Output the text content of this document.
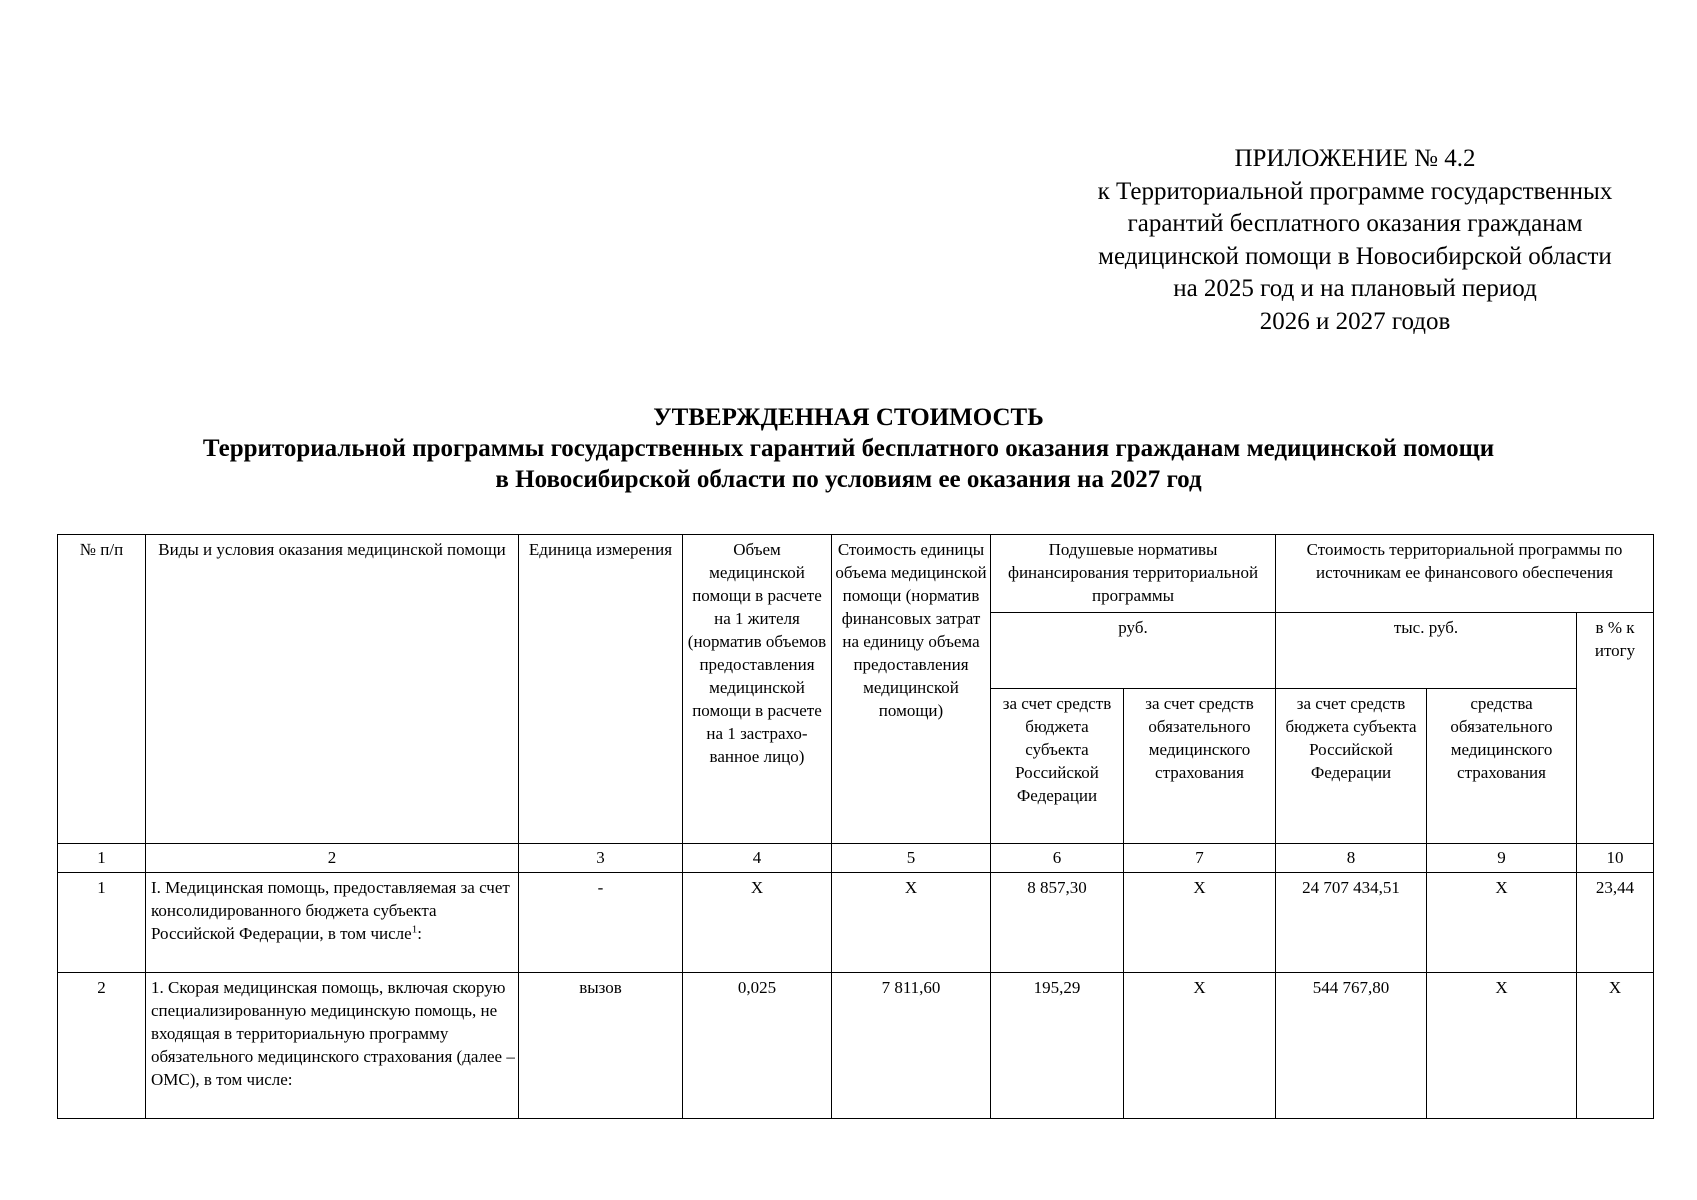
ПРИЛОЖЕНИЕ № 4.2
к Территориальной программе государственных
гарантий бесплатного оказания гражданам
медицинской помощи в Новосибирской области
на 2025 год и на плановый период
2026 и 2027 годов
УТВЕРЖДЕННАЯ СТОИМОСТЬ
Территориальной программы государственных гарантий бесплатного оказания гражданам медицинской помощи
в Новосибирской области по условиям ее оказания на 2027 год
№ п/п	Виды и условия оказания медицинской помощи	Единица измерения	Объем медицинской помощи в расчете на 1 жителя (норматив объемов предоставления медицинской помощи в расчете на 1 застрахо-ванное лицо)	Стоимость единицы объема медицинской помощи (норматив финансовых затрат на единицу объема предоставления медицинской помощи)	Подушевые нормативы финансирования территориальной программы		Стоимость территориальной программы по источникам ее финансового обеспечения		
					руб.		тыс. руб.		в % к итогу
					за счет средств бюджета субъекта Российской Федерации	за счет средств обязательного медицинского страхования	за счет средств бюджета субъекта Российской Федерации	средства обязательного медицинского страхования	
1	2	3	4	5	6	7	8	9	10
1	I. Медицинская помощь, предоставляемая за счет консолидированного бюджета субъекта Российской Федерации, в том числе$^1$:	-	Х	Х	8 857,30	Х	24 707 434,51	Х	23,44
2	1. Скорая медицинская помощь, включая скорую специализированную медицинскую помощь, не входящая в территориальную программу обязательного медицинского страхования (далее – ОМС), в том числе:	вызов	0,025	7 811,60	195,29	Х	544 767,80	Х	Х
